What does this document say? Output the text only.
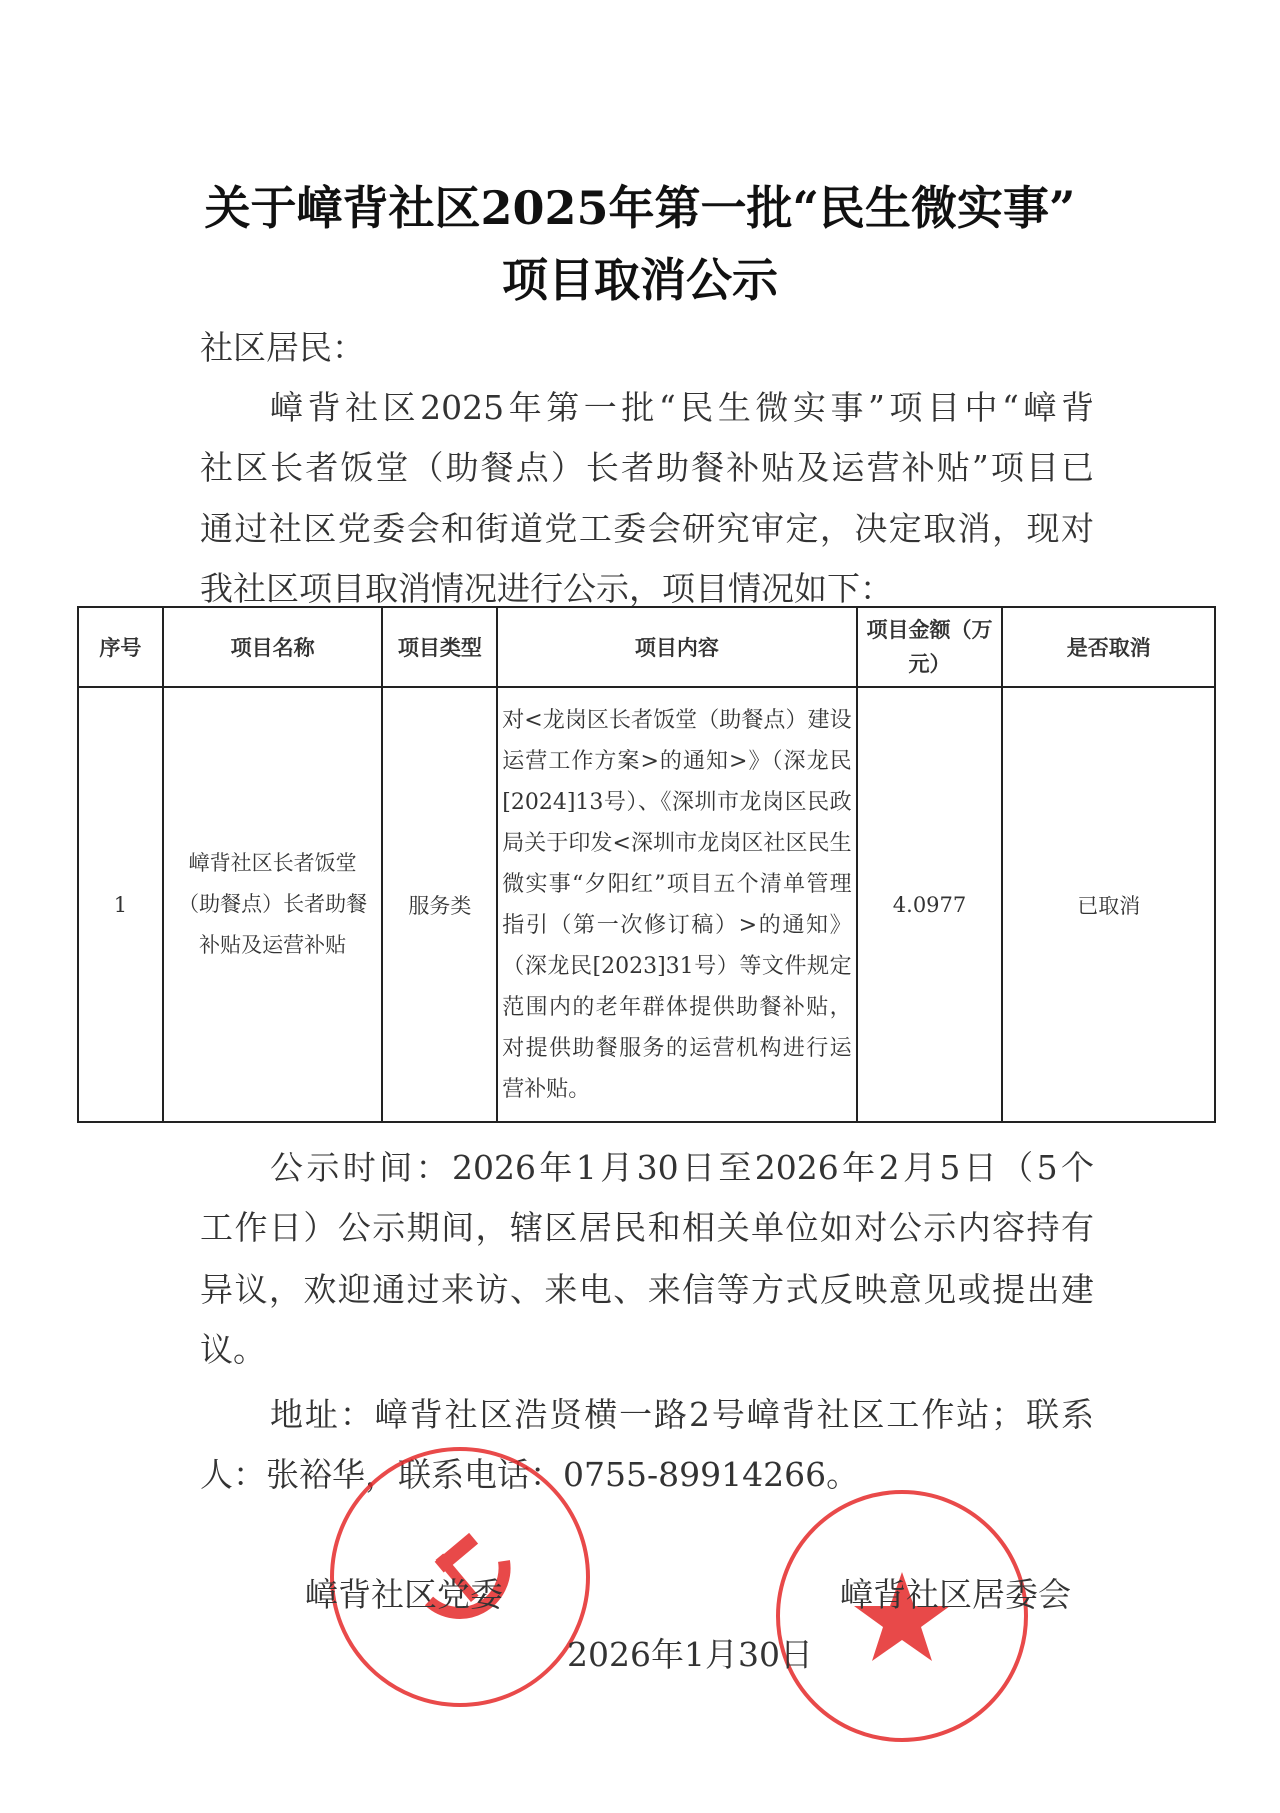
关于嶂背社区2025年第一批“民生微实事”
项目取消公示
社区居民：
嶂背社区2025年第一批“民生微实事”项目中“嶂背
社区长者饭堂（助餐点）长者助餐补贴及运营补贴”项目已
通过社区党委会和街道党工委会研究审定，决定取消，现对
我社区项目取消情况进行公示，项目情况如下：
序号	项目名称	项目类型	项目内容	项目金额（万元）	是否取消
1	嶂背社区长者饭堂（助餐点）长者助餐补贴及运营补贴	服务类	对<龙岗区长者饭堂（助餐点）建设运营工作方案>的通知>》（深龙民[2024]13号）、《深圳市龙岗区民政局关于印发<深圳市龙岗区社区民生微实事“夕阳红”项目五个清单管理指引（第一次修订稿）>的通知》（深龙民[2023]31号）等文件规定范围内的老年群体提供助餐补贴，对提供助餐服务的运营机构进行运营补贴。	4.0977	已取消
公示时间：2026年1月30日至2026年2月5日（5个
工作日）公示期间，辖区居民和相关单位如对公示内容持有
异议，欢迎通过来访、来电、来信等方式反映意见或提出建
议。
地址：嶂背社区浩贤横一路2号嶂背社区工作站；联系
人：张裕华，联系电话：0755-89914266。
嶂背社区党委	嶂背社区居委会
2026年1月30日
